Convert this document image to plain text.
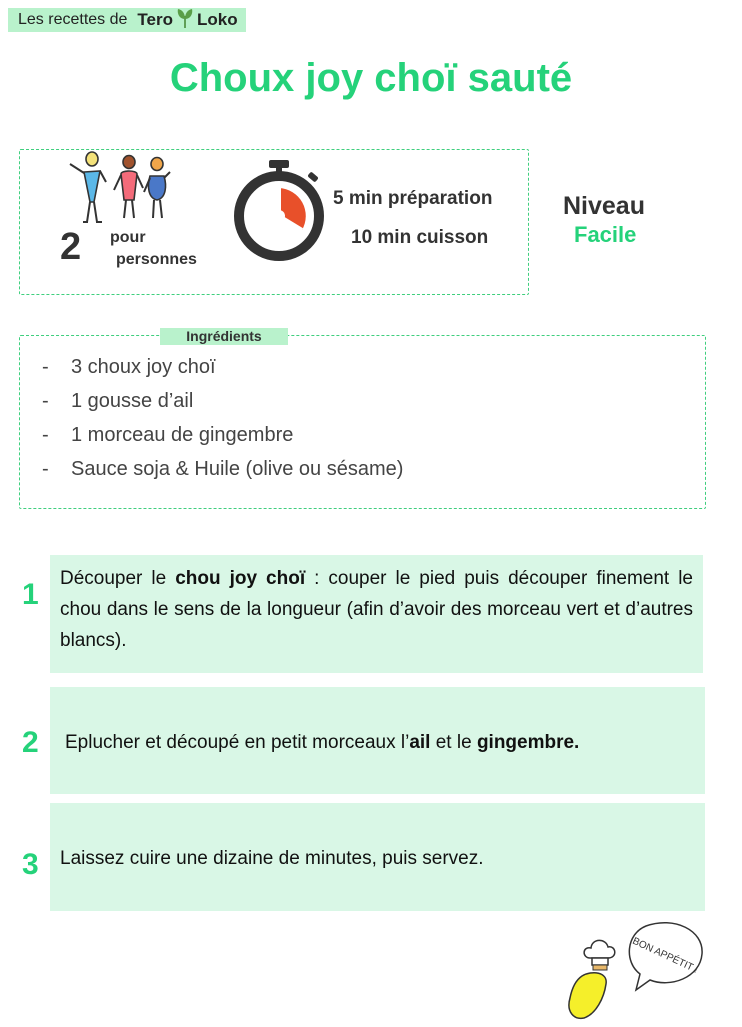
Les recettes de Tero Loko
Choux joy choï sauté
2 pour
personnes
5 min préparation
10 min cuisson
Niveau
Facile
Ingrédients
- 3 choux joy choï
- 1 gousse d’ail
- 1 morceau de gingembre
- Sauce soja & Huile (olive ou sésame)
1 Découper le chou joy choï : couper le pied puis découper finement le chou dans le sens de la longueur (afin d’avoir des morceau vert et d’autres blancs).
2 Eplucher et découpé en petit morceaux l’ail et le gingembre.
3 Laissez cuire une dizaine de minutes, puis servez.
BON APPÉTIT !
